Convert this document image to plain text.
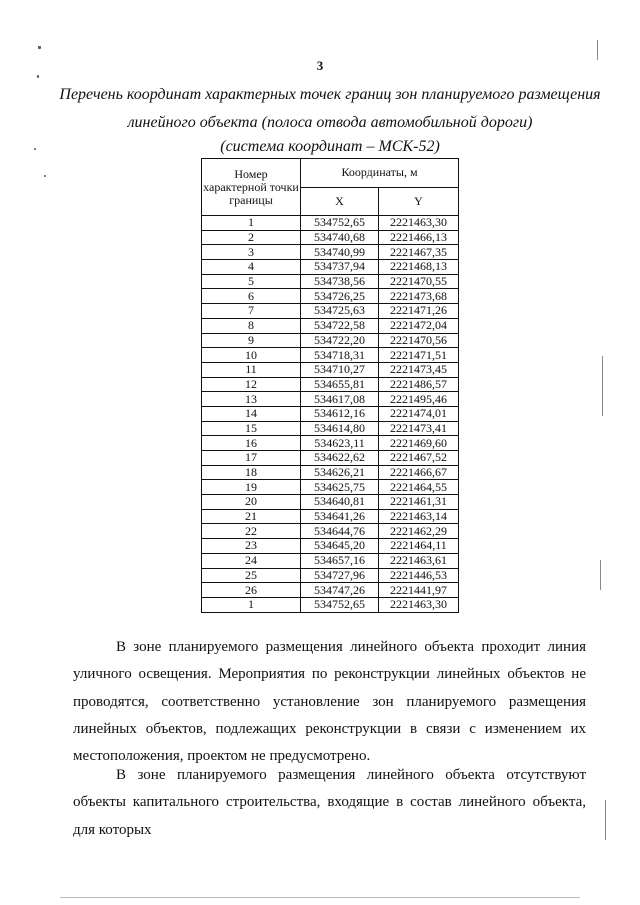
3
Перечень координат характерных точек границ зон планируемого размещения
линейного объекта (полоса отвода автомобильной дороги)
(система координат – МСК-52)
Номер характерной точки границы	Координаты, м	
	X	Y
1	534752,65	2221463,30
2	534740,68	2221466,13
3	534740,99	2221467,35
4	534737,94	2221468,13
5	534738,56	2221470,55
6	534726,25	2221473,68
7	534725,63	2221471,26
8	534722,58	2221472,04
9	534722,20	2221470,56
10	534718,31	2221471,51
11	534710,27	2221473,45
12	534655,81	2221486,57
13	534617,08	2221495,46
14	534612,16	2221474,01
15	534614,80	2221473,41
16	534623,11	2221469,60
17	534622,62	2221467,52
18	534626,21	2221466,67
19	534625,75	2221464,55
20	534640,81	2221461,31
21	534641,26	2221463,14
22	534644,76	2221462,29
23	534645,20	2221464,11
24	534657,16	2221463,61
25	534727,96	2221446,53
26	534747,26	2221441,97
1	534752,65	2221463,30
В зоне планируемого размещения линейного объекта проходит линия уличного освещения. Мероприятия по реконструкции линейных объектов не проводятся, соответственно установление зон планируемого размещения линейных объектов, подлежащих реконструкции в связи с изменением их местоположения, проектом не предусмотрено.
В зоне планируемого размещения линейного объекта отсутствуют объекты капитального строительства, входящие в состав линейного объекта, для которых
